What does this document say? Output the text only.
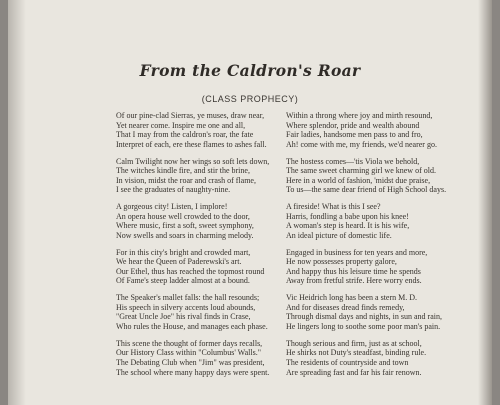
From the Caldron's Roar
(CLASS PROPHECY)
Of our pine-clad Sierras, ye muses, draw near,
Yet nearer come. Inspire me one and all,
That I may from the caldron's roar, the fate
Interpret of each, ere these flames to ashes fall.
Calm Twilight now her wings so soft lets down,
The witches kindle fire, and stir the brine,
In vision, midst the roar and crash of flame,
I see the graduates of naughty-nine.
A gorgeous city! Listen, I implore!
An opera house well crowded to the door,
Where music, first a soft, sweet symphony,
Now swells and soars in charming melody.
For in this city's bright and crowded mart,
We hear the Queen of Paderewski's art.
Our Ethel, thus has reached the topmost round
Of Fame's steep ladder almost at a bound.
The Speaker's mallet falls: the hall resounds;
His speech in silvery accents loud abounds,
"Great Uncle Joe" his rival finds in Crase,
Who rules the House, and manages each phase.
This scene the thought of former days recalls,
Our History Class within "Columbus' Walls."
The Debating Club when "Jim" was president,
The school where many happy days were spent.
Within a throng where joy and mirth resound,
Where splendor, pride and wealth abound
Fair ladies, handsome men pass to and fro,
Ah! come with me, my friends, we'd nearer go.
The hostess comes—'tis Viola we behold,
The same sweet charming girl we knew of old.
Here in a world of fashion, 'midst due praise,
To us—the same dear friend of High School days.
A fireside! What is this I see?
Harris, fondling a babe upon his knee!
A woman's step is heard. It is his wife,
An ideal picture of domestic life.
Engaged in business for ten years and more,
He now possesses property galore,
And happy thus his leisure time he spends
Away from fretful strife. Here worry ends.
Vic Heidrich long has been a stern M. D.
And for diseases dread finds remedy,
Through dismal days and nights, in sun and rain,
He lingers long to soothe some poor man's pain.
Though serious and firm, just as at school,
He shirks not Duty's steadfast, binding rule.
The residents of countryside and town
Are spreading fast and far his fair renown.
